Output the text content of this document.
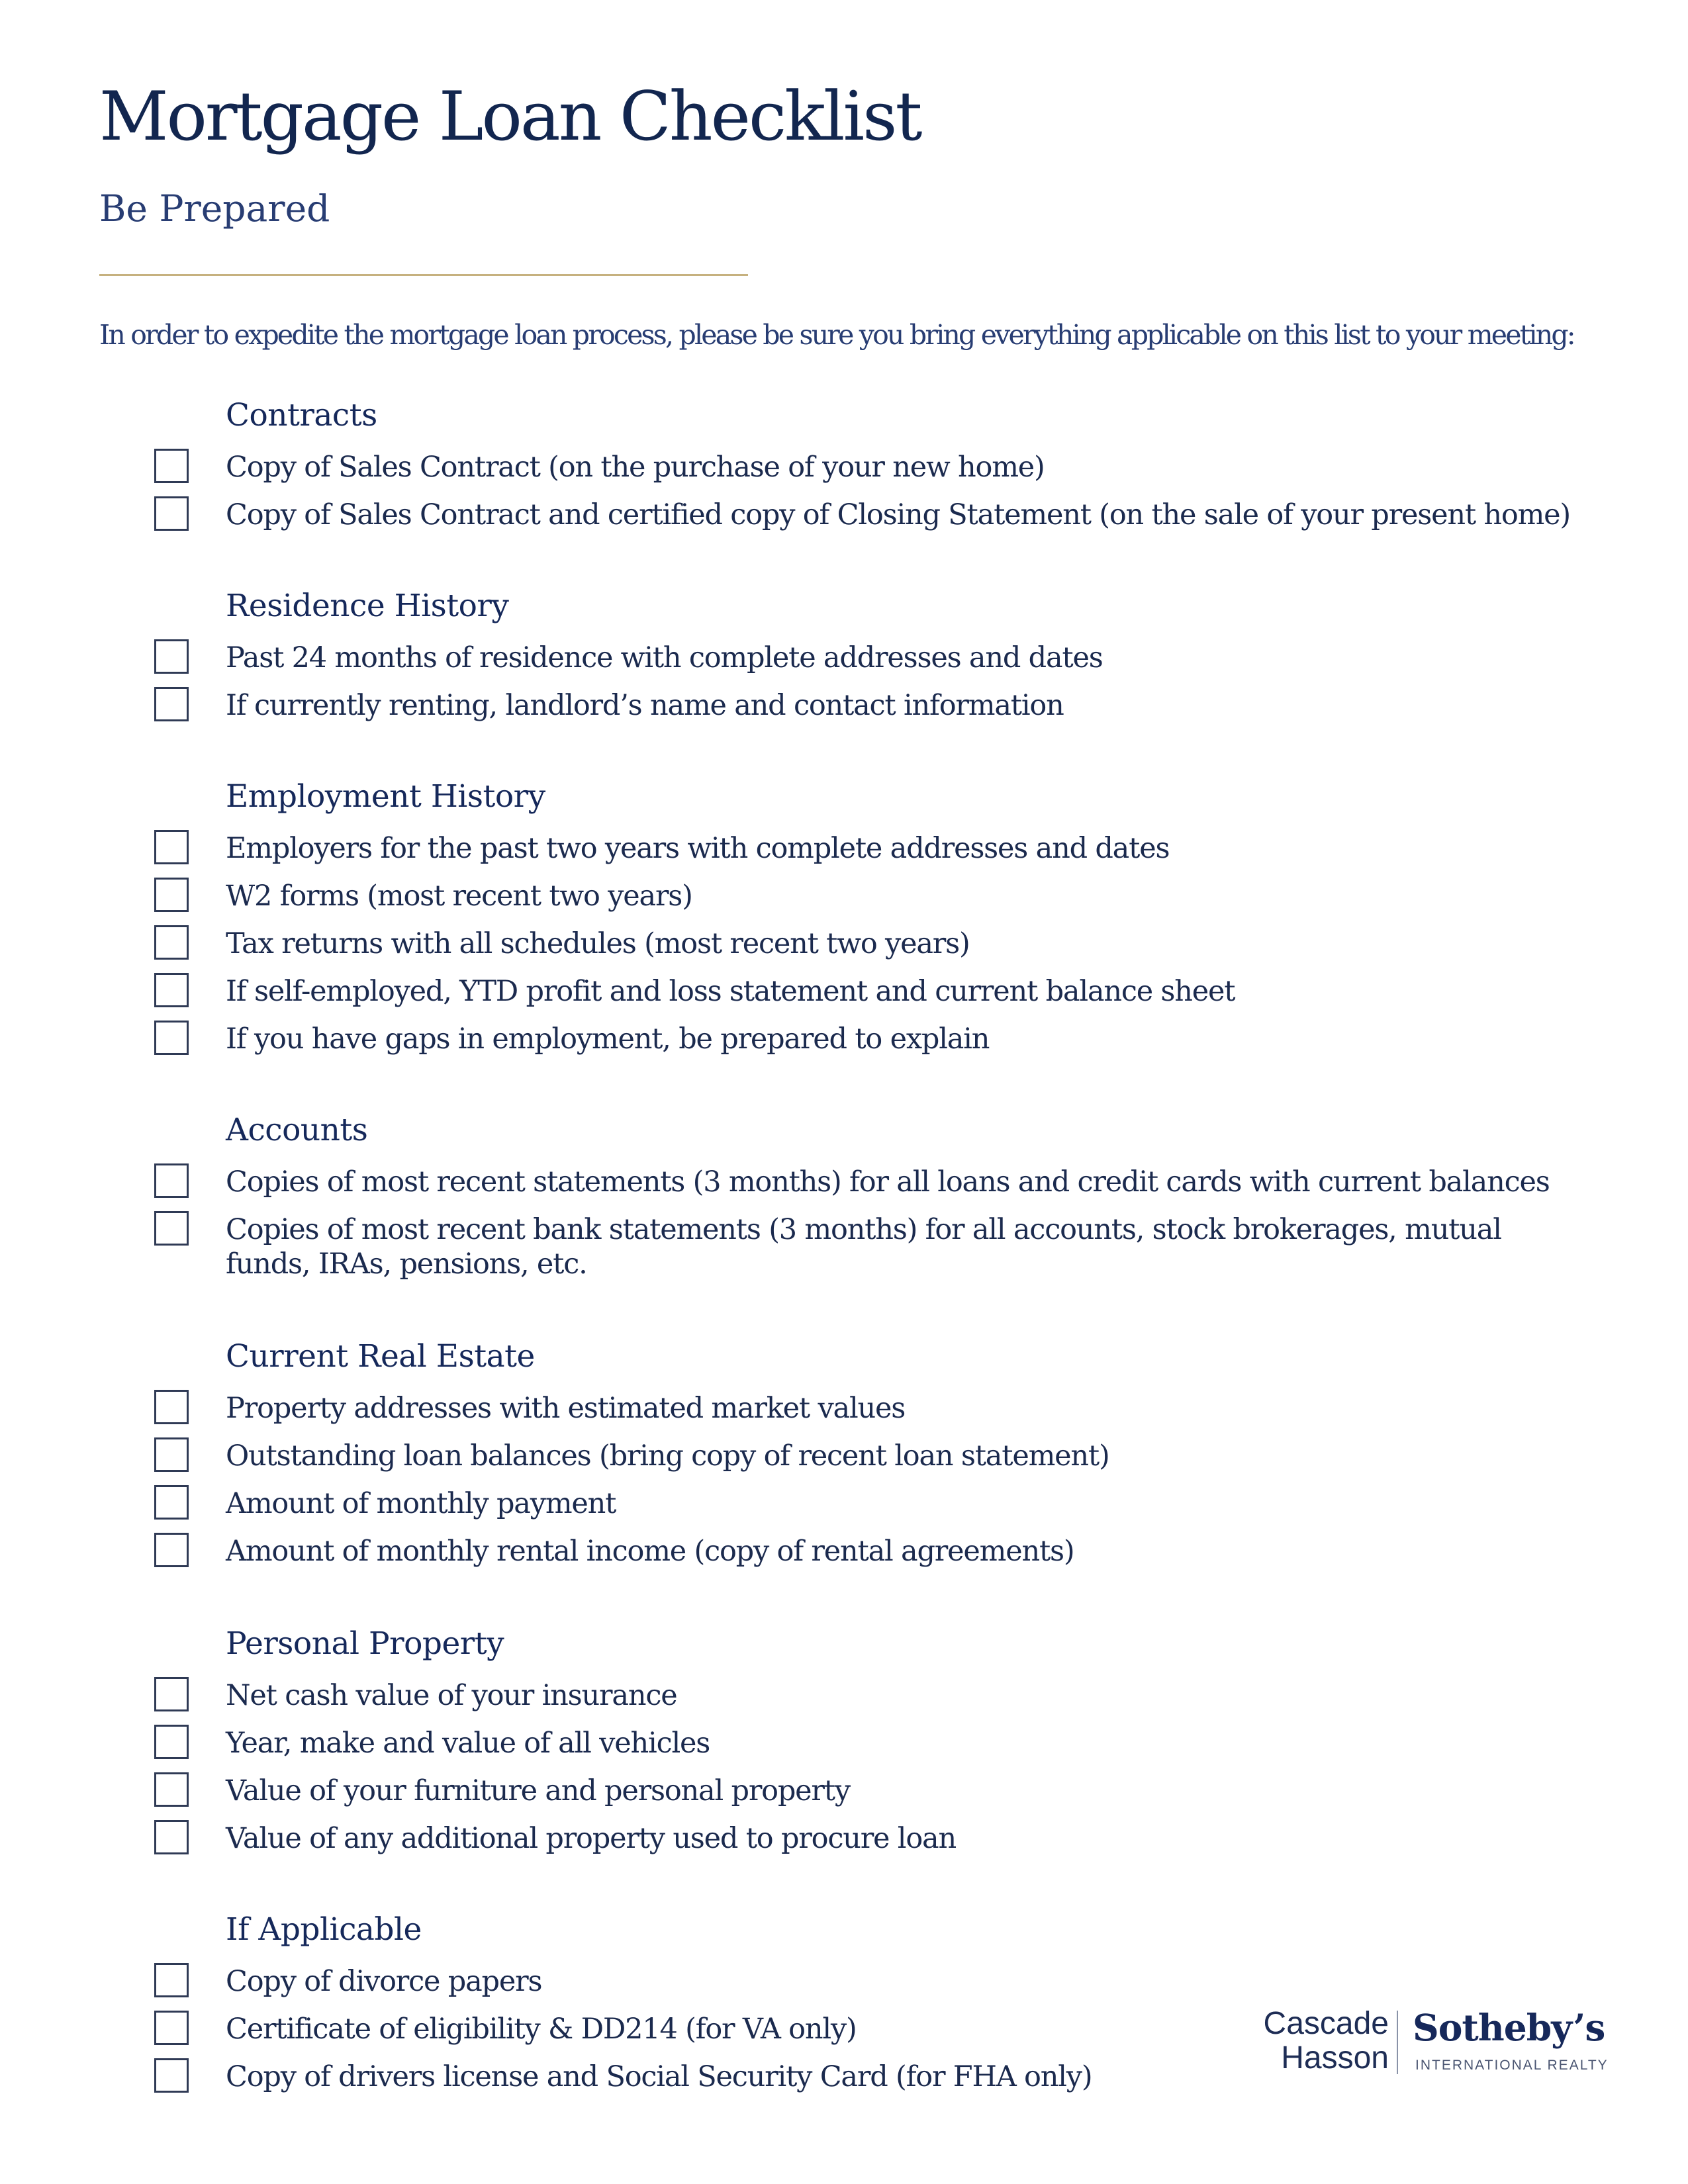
Mortgage Loan Checklist
Be Prepared
In order to expedite the mortgage loan process, please be sure you bring everything applicable on this list to your meeting:
Contracts
Copy of Sales Contract (on the purchase of your new home)
Copy of Sales Contract and certified copy of Closing Statement (on the sale of your present home)
Residence History
Past 24 months of residence with complete addresses and dates
If currently renting, landlord’s name and contact information
Employment History
Employers for the past two years with complete addresses and dates
W2 forms (most recent two years)
Tax returns with all schedules (most recent two years)
If self-employed, YTD profit and loss statement and current balance sheet
If you have gaps in employment, be prepared to explain
Accounts
Copies of most recent statements (3 months) for all loans and credit cards with current balances
Copies of most recent bank statements (3 months) for all accounts, stock brokerages, mutual funds, IRAs, pensions, etc.
Current Real Estate
Property addresses with estimated market values
Outstanding loan balances (bring copy of recent loan statement)
Amount of monthly payment
Amount of monthly rental income (copy of rental agreements)
Personal Property
Net cash value of your insurance
Year, make and value of all vehicles
Value of your furniture and personal property
Value of any additional property used to procure loan
If Applicable
Copy of divorce papers
Certificate of eligibility & DD214 (for VA only)
Copy of drivers license and Social Security Card (for FHA only)
Cascade
Hasson
Sotheby’s
INTERNATIONAL REALTY
